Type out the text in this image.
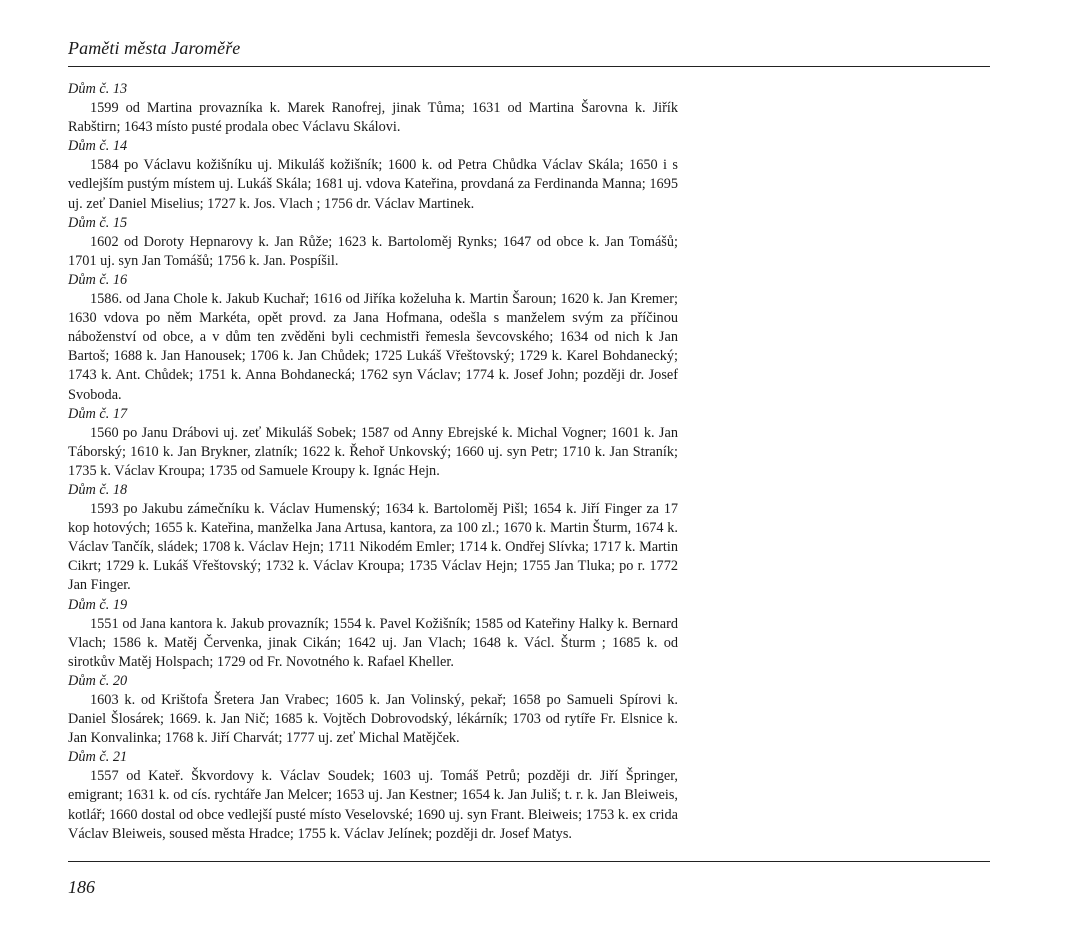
Paměti města Jaroměře

Dům č. 13

1599 od Martina provazníka k. Marek Ranofrej, jinak Tůma; 1631 od Martina Šarovna k. Jiřík Rabštirn; 1643 místo pusté prodala obec Václavu Skálovi.

Dům č. 14

1584 po Václavu kožišníku uj. Mikuláš kožišník; 1600 k. od Petra Chůdka Václav Skála; 1650 i s vedlejším pustým místem uj. Lukáš Skála; 1681 uj. vdova Kateřina, provdaná za Ferdinanda Manna; 1695 uj. zeť Daniel Miselius; 1727 k. Jos. Vlach ; 1756 dr. Václav Martinek.

Dům č. 15

1602 od Doroty Hepnarovy k. Jan Růže; 1623 k. Bartoloměj Rynks; 1647 od obce k. Jan Tomášů; 1701 uj. syn Jan Tomášů; 1756 k. Jan. Pospíšil.

Dům č. 16

1586. od Jana Chole k. Jakub Kuchař; 1616 od Jiříka koželuha k. Martin Šaroun; 1620 k. Jan Kremer; 1630 vdova po něm Markéta, opět provd. za Jana Hofmana, odešla s manželem svým za příčinou náboženství od obce, a v dům ten zvěděni byli cechmistři řemesla ševcovského; 1634 od nich k Jan Bartoš; 1688 k. Jan Hanousek; 1706 k. Jan Chůdek; 1725 Lukáš Vřeštovský; 1729 k. Karel Bohdanecký; 1743 k. Ant. Chůdek; 1751 k. Anna Bohdanecká; 1762 syn Václav; 1774 k. Josef John; později dr. Josef Svoboda.

Dům č. 17

1560 po Janu Drábovi uj. zeť Mikuláš Sobek; 1587 od Anny Ebrejské k. Michal Vogner; 1601 k. Jan Táborský; 1610 k. Jan Brykner, zlatník; 1622 k. Řehoř Unkovský; 1660 uj. syn Petr; 1710 k. Jan Straník; 1735 k. Václav Kroupa; 1735 od Samuele Kroupy k. Ignác Hejn.

Dům č. 18

1593 po Jakubu zámečníku k. Václav Humenský; 1634 k. Bartoloměj Pišl; 1654 k. Jiří Finger za 17 kop hotových; 1655 k. Kateřina, manželka Jana Artusa, kantora, za 100 zl.; 1670 k. Martin Šturm, 1674 k. Václav Tančík, sládek; 1708 k. Václav Hejn; 1711 Nikodém Emler; 1714 k. Ondřej Slívka; 1717 k. Martin Cikrt; 1729 k. Lukáš Vřeštovský; 1732 k. Václav Kroupa; 1735 Václav Hejn; 1755 Jan Tluka; po r. 1772 Jan Finger.

Dům č. 19

1551 od Jana kantora k. Jakub provazník; 1554 k. Pavel Kožišník; 1585 od Kateřiny Halky k. Bernard Vlach; 1586 k. Matěj Červenka, jinak Cikán; 1642 uj. Jan Vlach; 1648 k. Václ. Šturm ; 1685 k. od sirotkův Matěj Holspach; 1729 od Fr. Novotného k. Rafael Kheller.

Dům č. 20

1603 k. od Krištofa Šretera Jan Vrabec; 1605 k. Jan Volinský, pekař; 1658 po Samueli Spírovi k. Daniel Šlosárek; 1669. k. Jan Nič; 1685 k. Vojtěch Dobrovodský, lékárník; 1703 od rytíře Fr. Elsnice k. Jan Konvalinka; 1768 k. Jiří Charvát; 1777 uj. zeť Michal Matějček.

Dům č. 21

1557 od Kateř. Škvordovy k. Václav Soudek; 1603 uj. Tomáš Petrů; později dr. Jiří Špringer, emigrant; 1631 k. od cís. rychtáře Jan Melcer; 1653 uj. Jan Kestner; 1654 k. Jan Juliš; t. r. k. Jan Bleiweis, kotlář; 1660 dostal od obce vedlejší pusté místo Veselovské; 1690 uj. syn Frant. Bleiweis; 1753 k. ex crida Václav Bleiweis, soused města Hradce; 1755 k. Václav Jelínek; později dr. Josef Matys.

186
